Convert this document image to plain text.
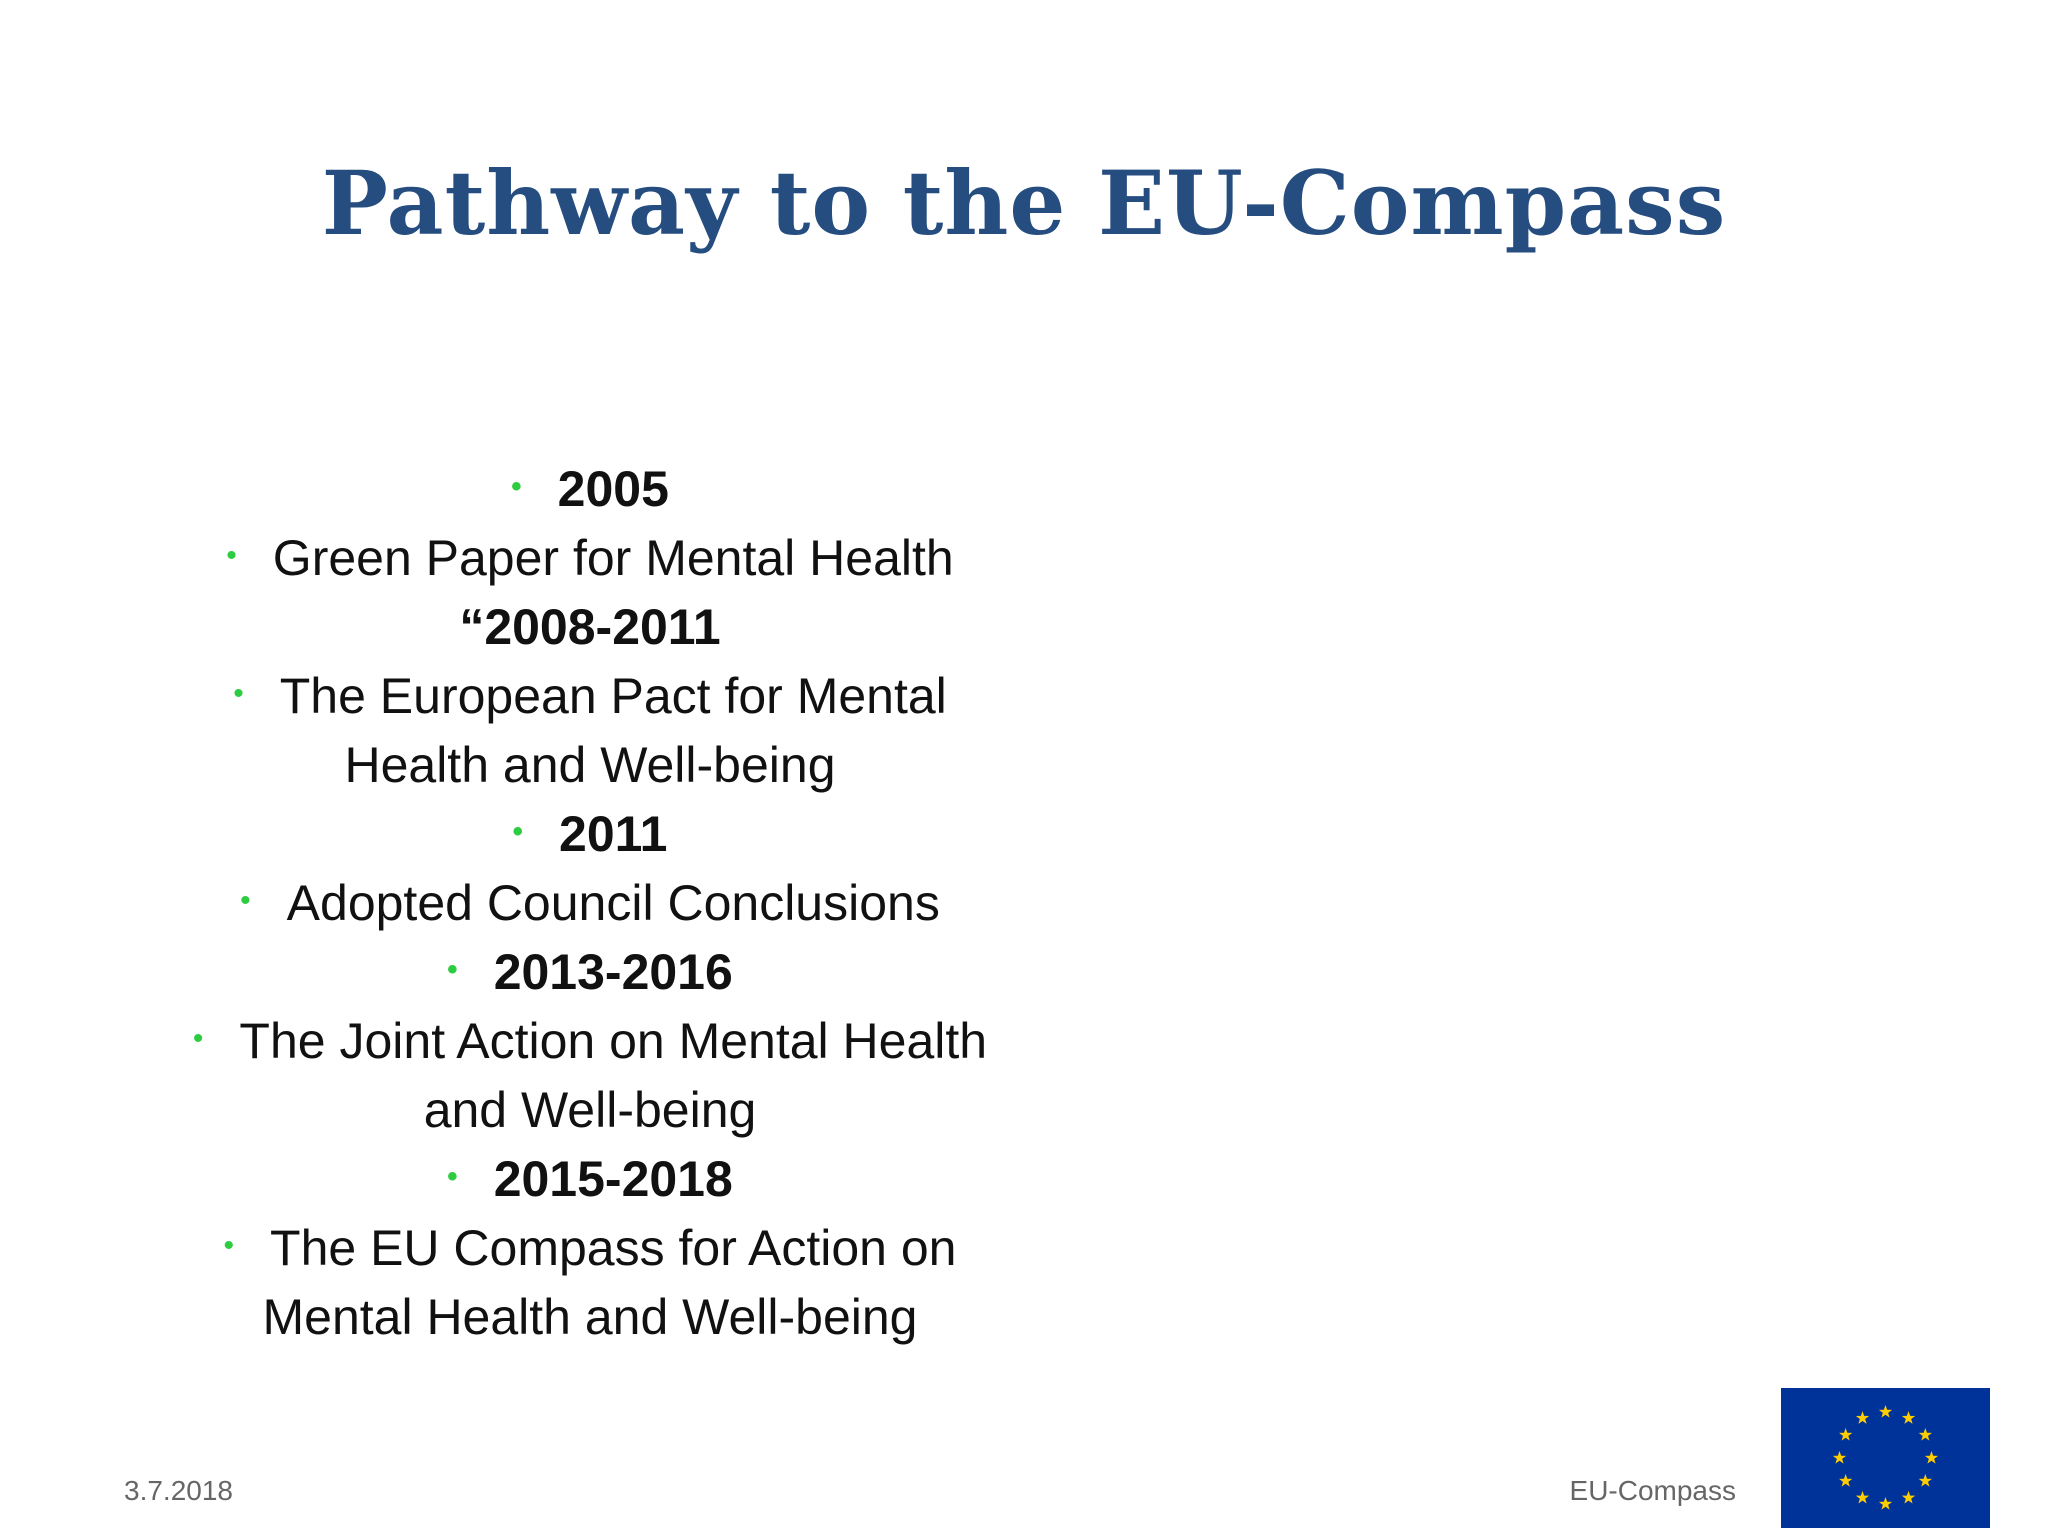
Pathway to the EU-Compass
• 2005
• Green Paper for Mental Health
“2008-2011
• The European Pact for Mental
Health and Well-being
• 2011
• Adopted Council Conclusions
• 2013-2016
• The Joint Action on Mental Health
and Well-being
• 2015-2018
• The EU Compass for Action on
Mental Health and Well-being
3.7.2018	EU-Compass
